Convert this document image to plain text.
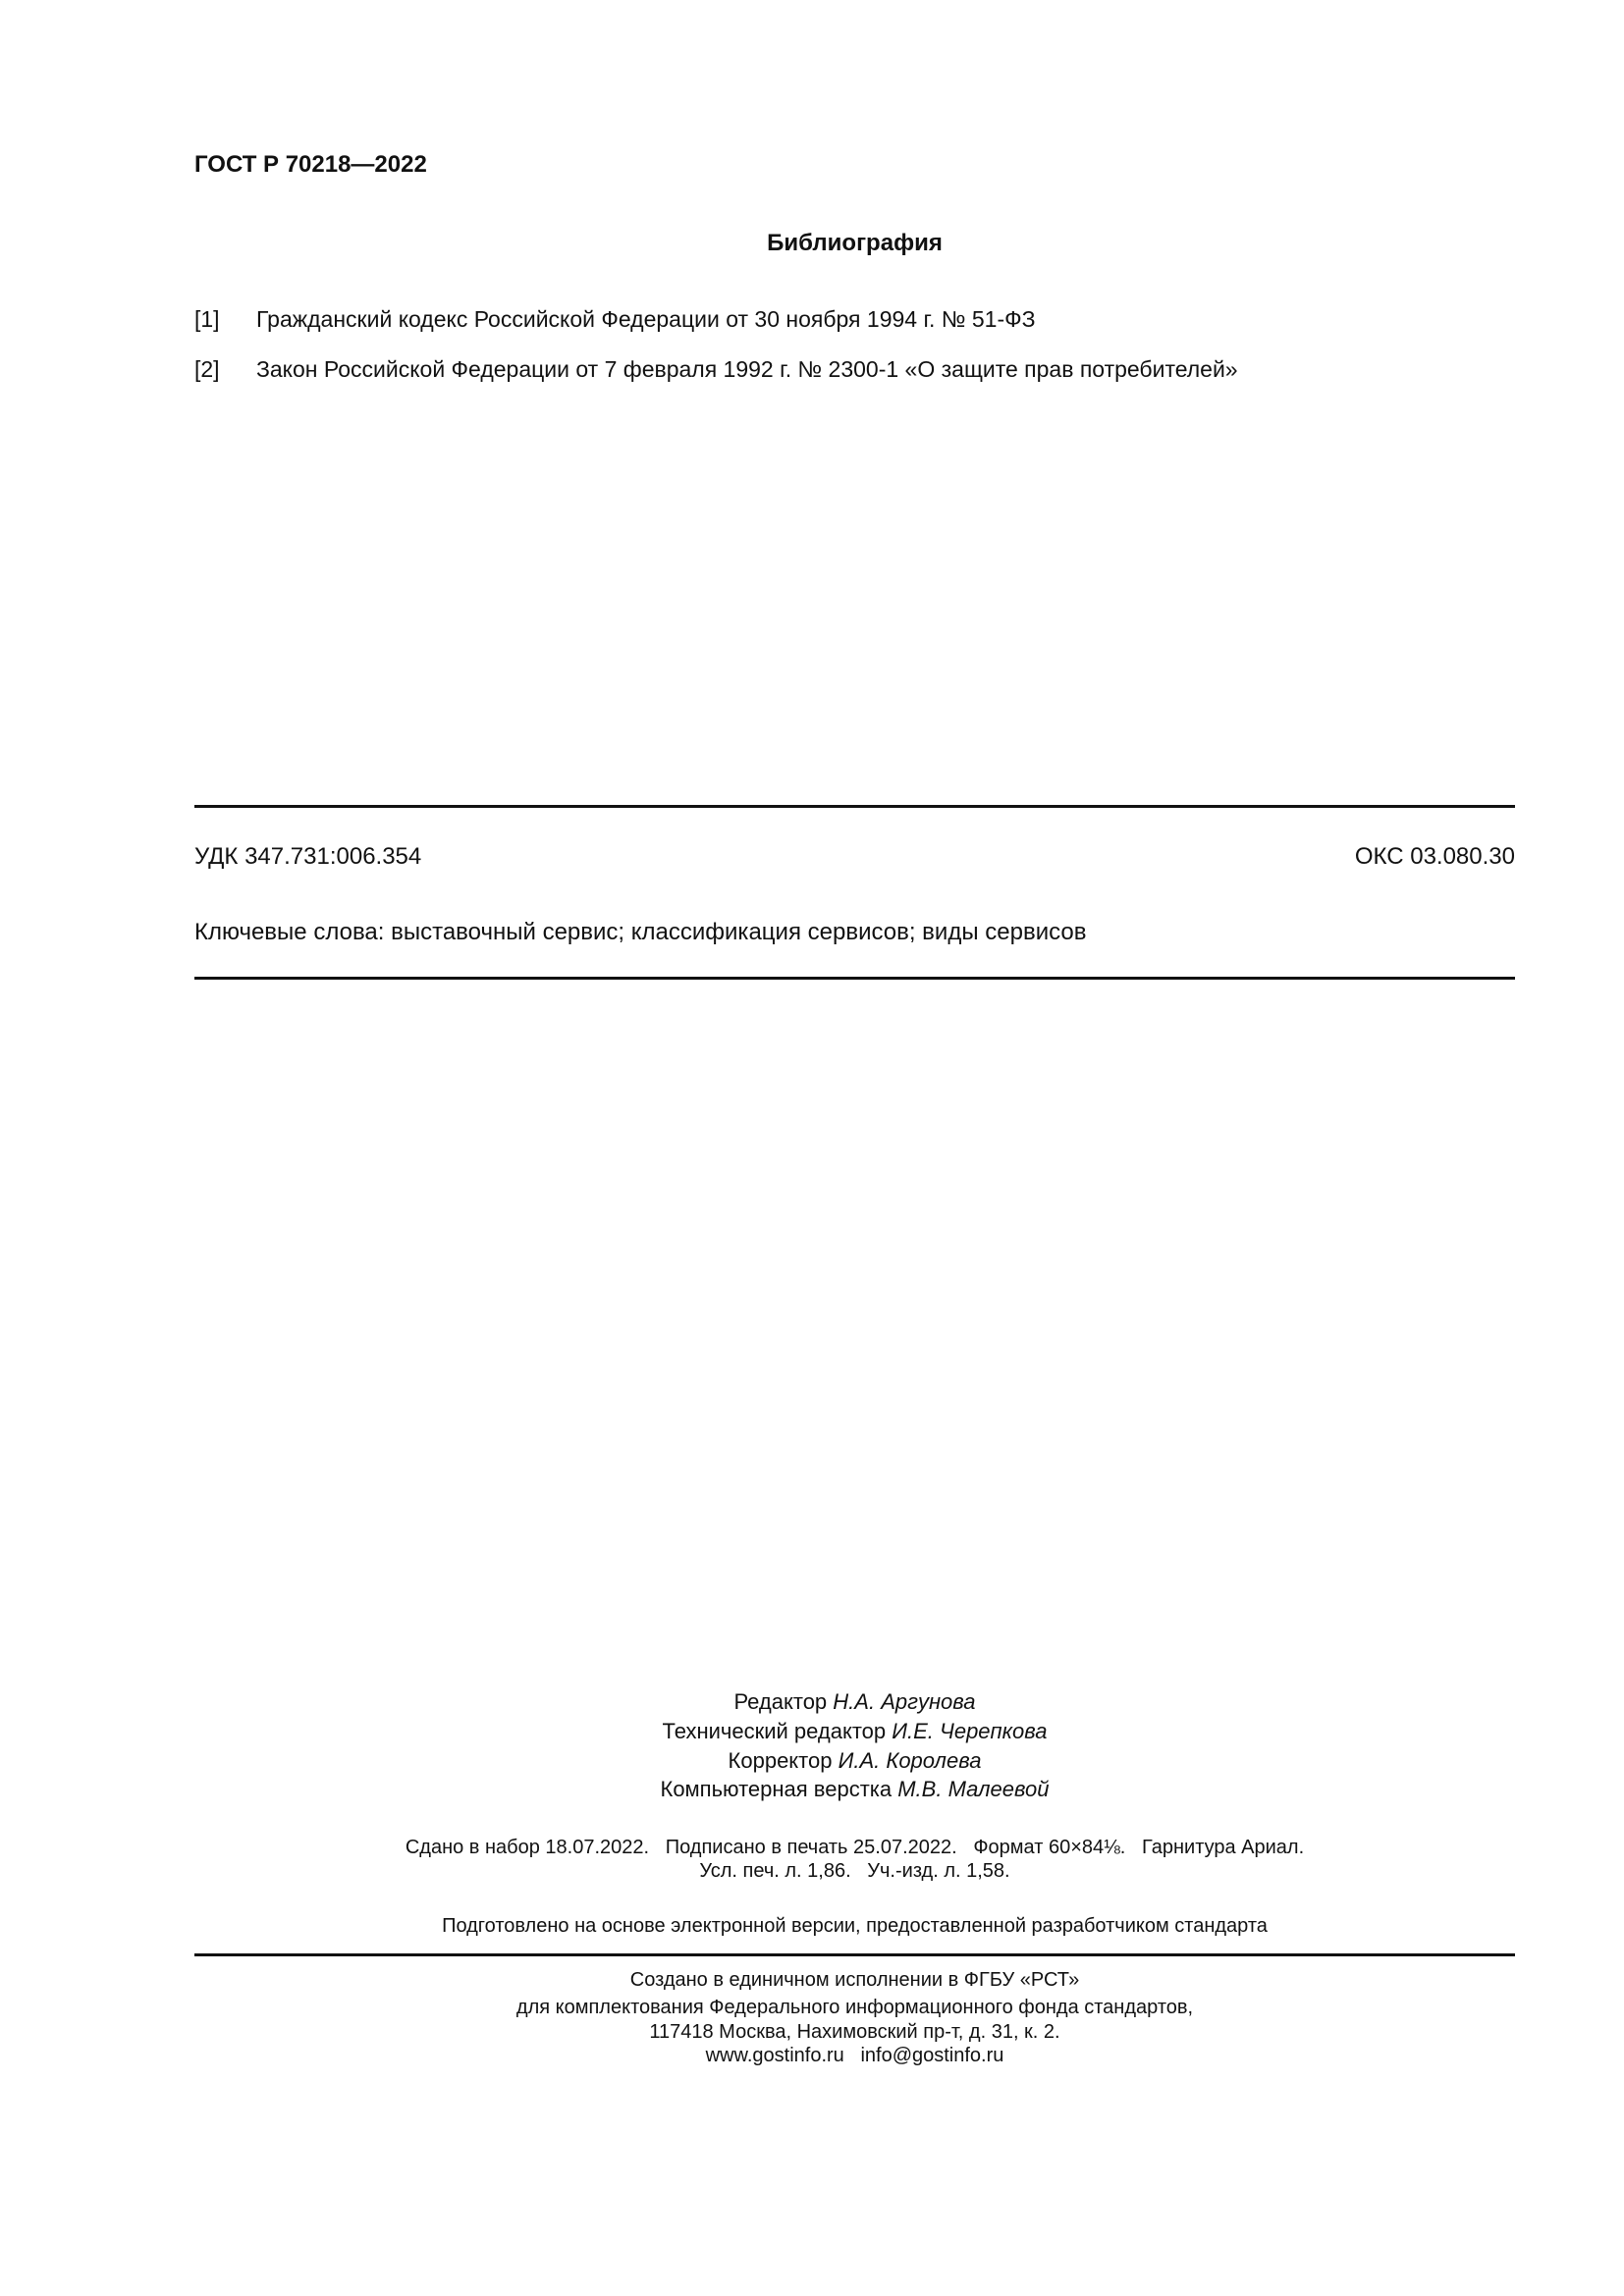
ГОСТ Р 70218—2022
Библиография
[1] Гражданский кодекс Российской Федерации от 30 ноября 1994 г. № 51-ФЗ
[2] Закон Российской Федерации от 7 февраля 1992 г. № 2300-1 «О защите прав потребителей»
УДК 347.731:006.354	ОКС 03.080.30
Ключевые слова: выставочный сервис; классификация сервисов; виды сервисов
Редактор Н.А. Аргунова
Технический редактор И.Е. Черепкова
Корректор И.А. Королева
Компьютерная верстка М.В. Малеевой
Сдано в набор 18.07.2022.   Подписано в печать 25.07.2022.   Формат 60×84⅛.   Гарнитура Ариал.
Усл. печ. л. 1,86.   Уч.-изд. л. 1,58.
Подготовлено на основе электронной версии, предоставленной разработчиком стандарта
Создано в единичном исполнении в ФГБУ «РСТ»
для комплектования Федерального информационного фонда стандартов,
117418 Москва, Нахимовский пр-т, д. 31, к. 2.
www.gostinfo.ru info@gostinfo.ru
